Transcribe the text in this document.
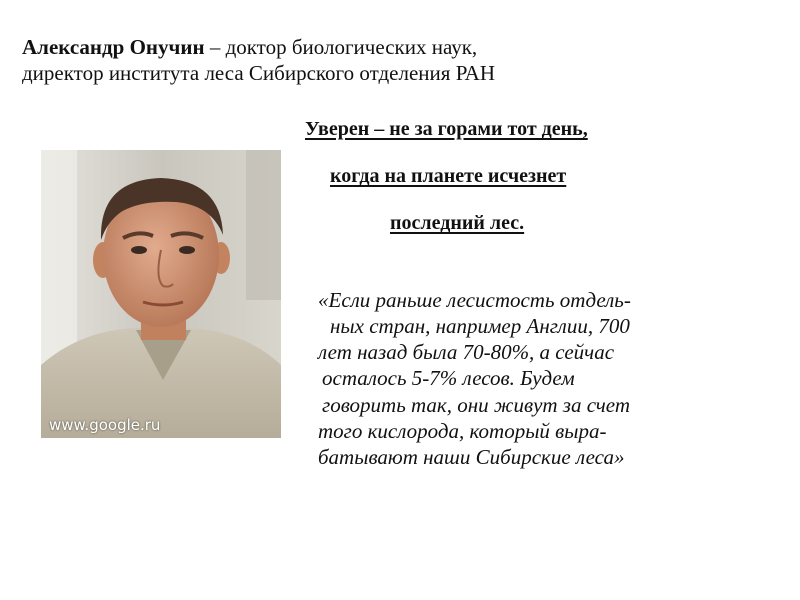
Александр Онучин – доктор биологических наук,
директор института леса Сибирского отделения РАН
Уверен – не за горами тот день,
когда на планете исчезнет
последний лес.
www.google.ru
«Если раньше лесистость отдель-
ных стран, например Англии, 700
лет назад была 70-80%, а сейчас
осталось 5-7% лесов. Будем
говорить так, они живут за счет
того кислорода, который выра-
батывают наши Сибирские леса»
